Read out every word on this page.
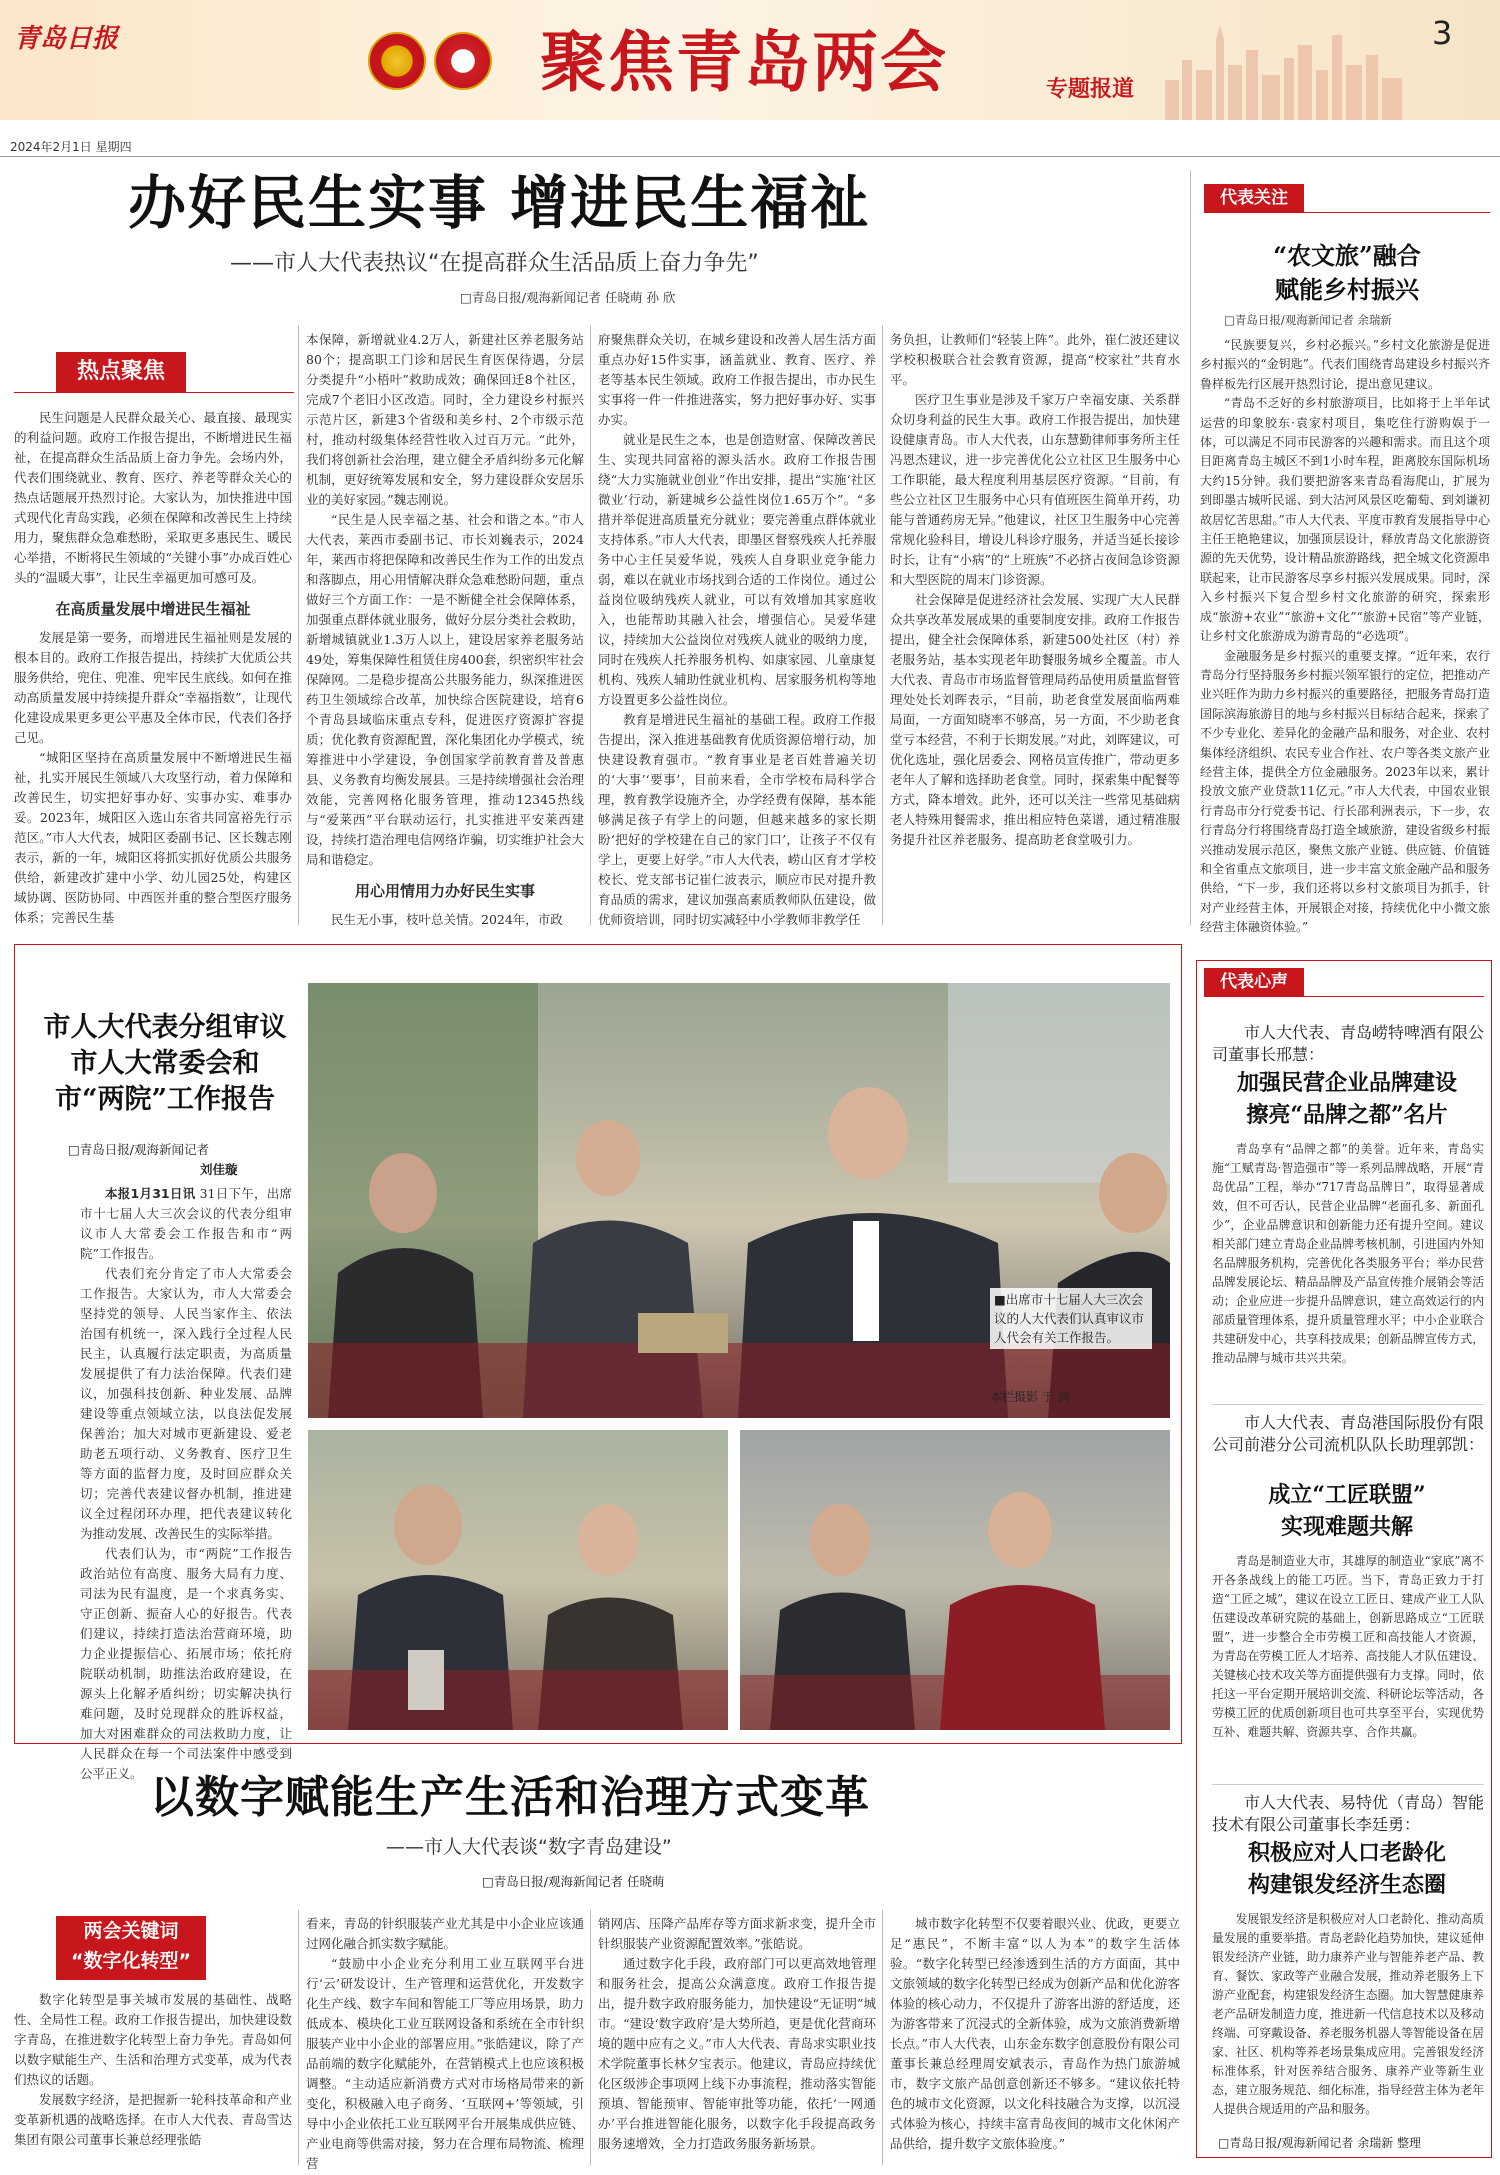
青岛日报	聚焦青岛两会	专题报道
3
2024年2月1日 星期四
办好民生实事 增进民生福祉
——市人大代表热议“在提高群众生活品质上奋力争先”
□青岛日报/观海新闻记者 任晓萌 孙 欣
热点聚焦

民生问题是人民群众最关心、最直接、最现实的利益问题。政府工作报告提出，不断增进民生福祉，在提高群众生活品质上奋力争先。会场内外，代表们围绕就业、教育、医疗、养老等群众关心的热点话题展开热烈讨论。大家认为，加快推进中国式现代化青岛实践，必须在保障和改善民生上持续用力，聚焦群众急难愁盼，采取更多惠民生、暖民心举措，不断将民生领域的“关键小事”办成百姓心头的“温暖大事”，让民生幸福更加可感可及。

在高质量发展中增进民生福祉

发展是第一要务，而增进民生福祉则是发展的根本目的。政府工作报告提出，持续扩大优质公共服务供给，兜住、兜准、兜牢民生底线。如何在推动高质量发展中持续提升群众“幸福指数”，让现代化建设成果更多更公平惠及全体市民，代表们各抒己见。

“城阳区坚持在高质量发展中不断增进民生福祉，扎实开展民生领域八大攻坚行动，着力保障和改善民生，切实把好事办好、实事办实、难事办妥。2023年，城阳区入选山东省共同富裕先行示范区。”市人大代表，城阳区委副书记、区长魏志刚表示，新的一年，城阳区将抓实抓好优质公共服务供给，新建改扩建中小学、幼儿园25处，构建区域协调、医防协同、中西医并重的整合型医疗服务体系；完善民生基

本保障，新增就业4.2万人，新建社区养老服务站80个；提高职工门诊和居民生育医保待遇，分层分类提升“小梧叶”救助成效；确保回迁8个社区，完成7个老旧小区改造。同时，全力建设乡村振兴示范片区，新建3个省级和美乡村、2个市级示范村，推动村级集体经营性收入过百万元。“此外，我们将创新社会治理，建立健全矛盾纠纷多元化解机制，更好统筹发展和安全，努力建设群众安居乐业的美好家园。”魏志刚说。

“民生是人民幸福之基、社会和谐之本。”市人大代表，莱西市委副书记、市长刘巍表示，2024年，莱西市将把保障和改善民生作为工作的出发点和落脚点，用心用情解决群众急难愁盼问题，重点做好三个方面工作：一是不断健全社会保障体系，加强重点群体就业服务，做好分层分类社会救助，新增城镇就业1.3万人以上，建设居家养老服务站49处，筹集保障性租赁住房400套，织密织牢社会保障网。二是稳步提高公共服务能力，纵深推进医药卫生领域综合改革，加快综合医院建设，培育6个青岛县域临床重点专科，促进医疗资源扩容提质；优化教育资源配置，深化集团化办学模式，统筹推进中小学建设，争创国家学前教育普及普惠县、义务教育均衡发展县。三是持续增强社会治理效能，完善网格化服务管理，推动12345热线与“爱莱西”平台联动运行，扎实推进平安莱西建设，持续打造治理电信网络诈骗，切实维护社会大局和谐稳定。

用心用情用力办好民生实事

民生无小事，枝叶总关情。2024年，市政

府聚焦群众关切，在城乡建设和改善人居生活方面重点办好15件实事，涵盖就业、教育、医疗、养老等基本民生领域。政府工作报告提出，市办民生实事将一件一件推进落实，努力把好事办好、实事办实。

就业是民生之本，也是创造财富、保障改善民生、实现共同富裕的源头活水。政府工作报告围绕“大力实施就业创业”作出安排，提出“实施‘社区微业’行动，新建城乡公益性岗位1.65万个”。“多措并举促进高质量充分就业；要完善重点群体就业支持体系。”市人大代表，即墨区督察残疾人托养服务中心主任吴爱华说，残疾人自身职业竞争能力弱，难以在就业市场找到合适的工作岗位。通过公益岗位吸纳残疾人就业，可以有效增加其家庭收入，也能帮助其融入社会，增强信心。吴爱华建议，持续加大公益岗位对残疾人就业的吸纳力度，同时在残疾人托养服务机构、如康家园、儿童康复机构、残疾人辅助性就业机构、居家服务机构等地方设置更多公益性岗位。

教育是增进民生福祉的基础工程。政府工作报告提出，深入推进基础教育优质资源倍增行动，加快建设教育强市。“教育事业是老百姓普遍关切的‘大事’‘要事’，目前来看，全市学校布局科学合理，教育教学设施齐全，办学经费有保障，基本能够满足孩子有学上的问题，但越来越多的家长期盼‘把好的学校建在自己的家门口’，让孩子不仅有学上，更要上好学。”市人大代表，崂山区育才学校校长、党支部书记崔仁波表示，顺应市民对提升教育品质的需求，建议加强高素质教师队伍建设，做优师资培训，同时切实减轻中小学教师非教学任

务负担，让教师们“轻装上阵”。此外，崔仁波还建议学校积极联合社会教育资源，提高“校家社”共育水平。

医疗卫生事业是涉及千家万户幸福安康、关系群众切身利益的民生大事。政府工作报告提出，加快建设健康青岛。市人大代表，山东慧勤律师事务所主任冯恩杰建议，进一步完善优化公立社区卫生服务中心工作职能，最大程度利用基层医疗资源。“目前，有些公立社区卫生服务中心只有值班医生简单开药，功能与普通药房无异。”他建议，社区卫生服务中心完善常规化验科目，增设儿科诊疗服务，并适当延长接诊时长，让有“小病”的“上班族”不必挤占夜间急诊资源和大型医院的周末门诊资源。

社会保障是促进经济社会发展、实现广大人民群众共享改革发展成果的重要制度安排。政府工作报告提出，健全社会保障体系，新建500处社区（村）养老服务站，基本实现老年助餐服务城乡全覆盖。市人大代表、青岛市市场监督管理局药品使用质量监督管理处处长刘晖表示，“目前，助老食堂发展面临两难局面，一方面知晓率不够高，另一方面，不少助老食堂亏本经营，不利于长期发展。”对此，刘晖建议，可优化选址，强化居委会、网格员宣传推广，带动更多老年人了解和选择助老食堂。同时，探索集中配餐等方式，降本增效。此外，还可以关注一些常见基础病老人特殊用餐需求，推出相应特色菜谱，通过精准服务提升社区养老服务、提高助老食堂吸引力。

代表关注
“农文旅”融合
赋能乡村振兴
□青岛日报/观海新闻记者 余瑞新

“民族要复兴，乡村必振兴。”乡村文化旅游是促进乡村振兴的“金钥匙”。代表们围绕青岛建设乡村振兴齐鲁样板先行区展开热烈讨论，提出意见建议。

“青岛不乏好的乡村旅游项目，比如将于上半年试运营的印象胶东·袁家村项目，集吃住行游购娱于一体，可以满足不同市民游客的兴趣和需求。而且这个项目距离青岛主城区不到1小时车程，距离胶东国际机场大约15分钟。我们要把游客来青岛看海爬山，扩展为到即墨古城听民谣、到大沽河风景区吃葡萄、到刘谦初故居忆苦思甜。”市人大代表、平度市教育发展指导中心主任王艳艳建议，加强顶层设计，释放青岛文化旅游资源的先天优势，设计精品旅游路线，把全城文化资源串联起来，让市民游客尽享乡村振兴发展成果。同时，深入乡村振兴下复合型乡村文化旅游的研究，探索形成“旅游+农业”“旅游+文化”“旅游+民宿”等产业链，让乡村文化旅游成为游青岛的“必选项”。

金融服务是乡村振兴的重要支撑。“近年来，农行青岛分行坚持服务乡村振兴领军银行的定位，把推动产业兴旺作为助力乡村振兴的重要路径，把服务青岛打造国际滨海旅游目的地与乡村振兴目标结合起来，探索了不少专业化、差异化的金融产品和服务，对企业、农村集体经济组织、农民专业合作社、农户等各类文旅产业经营主体，提供全方位金融服务。2023年以来，累计投放文旅产业贷款11亿元。”市人大代表，中国农业银行青岛市分行党委书记、行长邵利洲表示，下一步，农行青岛分行将围绕青岛打造全域旅游，建设省级乡村振兴推动发展示范区，聚焦文旅产业链、供应链、价值链和全省重点文旅项目，进一步丰富文旅金融产品和服务供给，“下一步，我们还将以乡村文旅项目为抓手，针对产业经营主体，开展银企对接，持续优化中小微文旅经营主体融资体验。”

市人大代表分组审议
市人大常委会和
市“两院”工作报告
□青岛日报/观海新闻记者
刘佳璇

本报1月31日讯 31日下午，出席市十七届人大三次会议的代表分组审议市人大常委会工作报告和市“两院”工作报告。

代表们充分肯定了市人大常委会工作报告。大家认为，市人大常委会坚持党的领导、人民当家作主、依法治国有机统一，深入践行全过程人民民主，认真履行法定职责，为高质量发展提供了有力法治保障。代表们建议，加强科技创新、种业发展、品牌建设等重点领域立法，以良法促发展保善治；加大对城市更新建设、爱老助老五项行动、义务教育、医疗卫生等方面的监督力度，及时回应群众关切；完善代表建议督办机制，推进建议全过程闭环办理，把代表建议转化为推动发展、改善民生的实际举措。

代表们认为，市“两院”工作报告政治站位有高度、服务大局有力度、司法为民有温度，是一个求真务实、守正创新、振奋人心的好报告。代表们建议，持续打造法治营商环境，助力企业提振信心、拓展市场；依托府院联动机制，助推法治政府建设，在源头上化解矛盾纠纷；切实解决执行难问题，及时兑现群众的胜诉权益，加大对困难群众的司法救助力度，让人民群众在每一个司法案件中感受到公平正义。

■出席市十七届人大三次会议的人大代表们认真审议市人代会有关工作报告。
本栏摄影 于 滴
代表心声
市人大代表、青岛崂特啤酒有限公司董事长邢慧：
加强民营企业品牌建设
擦亮“品牌之都”名片

青岛享有“品牌之都”的美誉。近年来，青岛实施“工赋青岛·智造强市”等一系列品牌战略，开展“青岛优品”工程，举办“717青岛品牌日”，取得显著成效，但不可否认，民营企业品牌“老面孔多、新面孔少”，企业品牌意识和创新能力还有提升空间。建议相关部门建立青岛企业品牌考核机制，引进国内外知名品牌服务机构，完善优化各类服务平台；举办民营品牌发展论坛、精品品牌及产品宣传推介展销会等活动；企业应进一步提升品牌意识，建立高效运行的内部质量管理体系，提升质量管理水平；中小企业联合共建研发中心，共享科技成果；创新品牌宣传方式，推动品牌与城市共兴共荣。

市人大代表、青岛港国际股份有限公司前港分公司流机队队长助理郭凯：
成立“工匠联盟”
实现难题共解

青岛是制造业大市，其雄厚的制造业“家底”离不开各条战线上的能工巧匠。当下，青岛正致力于打造“工匠之城”，建议在设立工匠日、建成产业工人队伍建设改革研究院的基础上，创新思路成立“工匠联盟”，进一步整合全市劳模工匠和高技能人才资源，为青岛在劳模工匠人才培养、高技能人才队伍建设、关键核心技术攻关等方面提供强有力支撑。同时，依托这一平台定期开展培训交流、科研论坛等活动，各劳模工匠的优质创新项目也可共享至平台，实现优势互补、难题共解、资源共享、合作共赢。

市人大代表、易特优（青岛）智能技术有限公司董事长李廷勇：
积极应对人口老龄化
构建银发经济生态圈

发展银发经济是积极应对人口老龄化、推动高质量发展的重要举措。青岛老龄化趋势加快，建议延伸银发经济产业链，助力康养产业与智能养老产品、教育、餐饮、家政等产业融合发展，推动养老服务上下游产业配套，构建银发经济生态圈。加大智慧健康养老产品研发制造力度，推进新一代信息技术以及移动终端、可穿戴设备、养老服务机器人等智能设备在居家、社区、机构等养老场景集成应用。完善银发经济标准体系，针对医养结合服务、康养产业等新生业态，建立服务规范、细化标准，指导经营主体为老年人提供合规适用的产品和服务。

□青岛日报/观海新闻记者 余瑞新 整理
以数字赋能生产生活和治理方式变革
——市人大代表谈“数字青岛建设”
□青岛日报/观海新闻记者 任晓萌
两会关键词
“数字化转型”

数字化转型是事关城市发展的基础性、战略性、全局性工程。政府工作报告提出，加快建设数字青岛，在推进数字化转型上奋力争先。青岛如何以数字赋能生产、生活和治理方式变革，成为代表们热议的话题。

发展数字经济，是把握新一轮科技革命和产业变革新机遇的战略选择。在市人大代表、青岛雪达集团有限公司董事长兼总经理张皓

看来，青岛的针织服装产业尤其是中小企业应该通过网化融合抓实数字赋能。

“鼓励中小企业充分利用工业互联网平台进行‘云’研发设计、生产管理和运营优化，开发数字化生产线、数字车间和智能工厂等应用场景，助力低成本、模块化工业互联网设备和系统在全市针织服装产业中小企业的部署应用。”张皓建议，除了产品前端的数字化赋能外，在营销模式上也应该积极调整。“主动适应新消费方式对市场格局带来的新变化，积极融入电子商务、‘互联网+’等领域，引导中小企业依托工业互联网平台开展集成供应链、产业电商等供需对接，努力在合理布局物流、梳理营

销网店、压降产品库存等方面求新求变，提升全市针织服装产业资源配置效率。”张皓说。

通过数字化手段，政府部门可以更高效地管理和服务社会，提高公众满意度。政府工作报告提出，提升数字政府服务能力，加快建设“无证明”城市。“建设‘数字政府’是大势所趋，更是优化营商环境的题中应有之义。”市人大代表、青岛求实职业技术学院董事长林夕宝表示。他建议，青岛应持续优化区级涉企事项网上线下办事流程，推动落实智能预填、智能预审、智能审批等功能，依托‘一网通办’平台推进智能化服务，以数字化手段提高政务服务速增效，全力打造政务服务新场景。

城市数字化转型不仅要着眼兴业、优政，更要立足“惠民”，不断丰富“以人为本”的数字生活体验。“数字化转型已经渗透到生活的方方面面，其中文旅领域的数字化转型已经成为创新产品和优化游客体验的核心动力，不仅提升了游客出游的舒适度，还为游客带来了沉浸式的全新体验，成为文旅消费新增长点。”市人大代表，山东金东数字创意股份有限公司董事长兼总经理周安斌表示，青岛作为热门旅游城市，数字文旅产品创意创新还不够多。“建议依托特色的城市文化资源，以文化科技融合为支撑，以沉浸式体验为核心，持续丰富青岛夜间的城市文化休闲产品供给，提升数字文旅体验度。”
